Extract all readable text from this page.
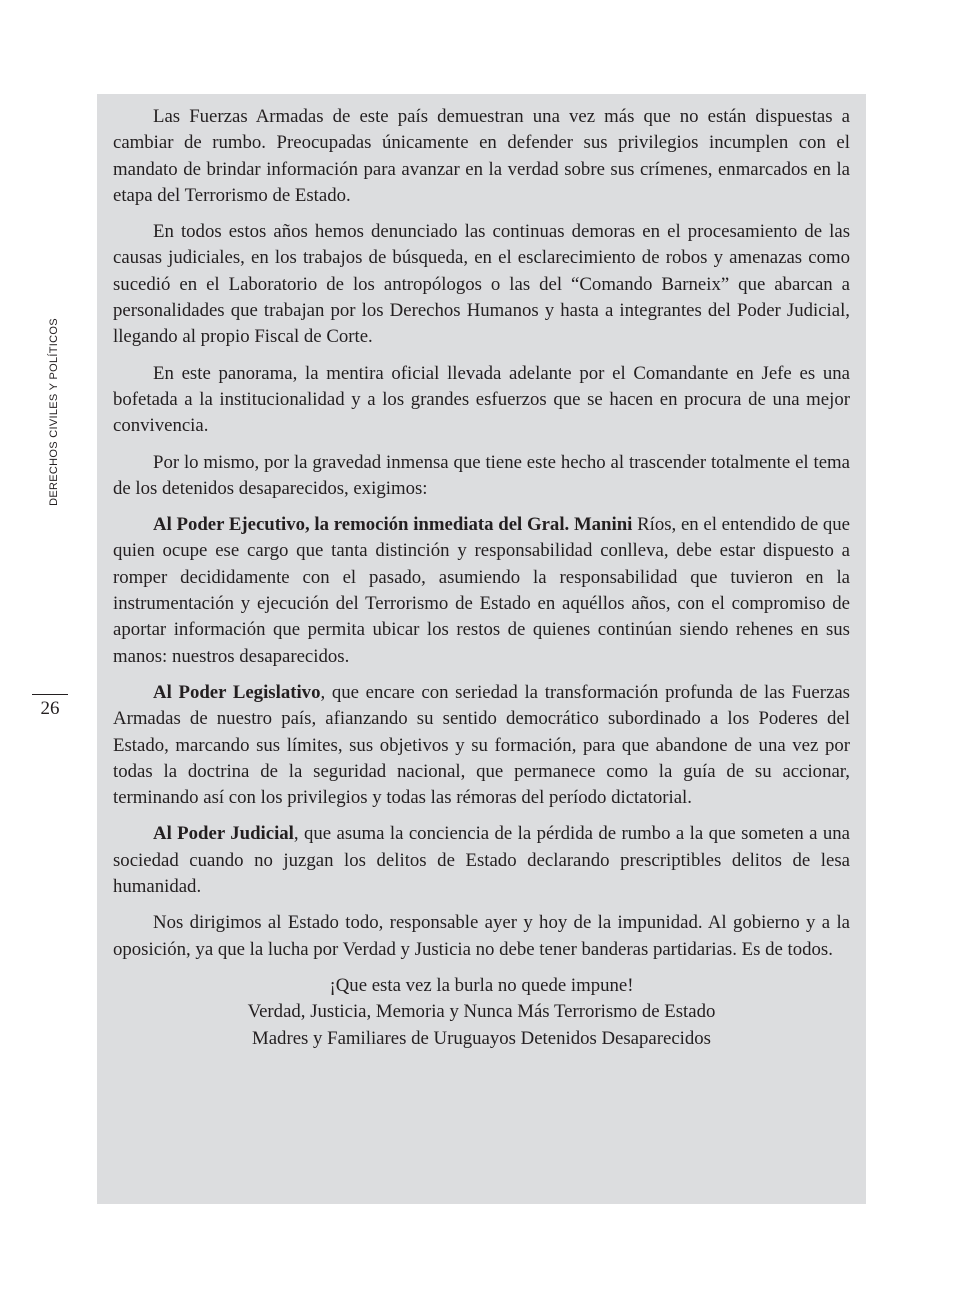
DERECHOS CIVILES Y POLÍTICOS
26

Las Fuerzas Armadas de este país demuestran una vez más que no están dispuestas a cambiar de rumbo. Preocupadas únicamente en defender sus privilegios incumplen con el mandato de brindar información para avanzar en la verdad sobre sus crímenes, enmarcados en la etapa del Terrorismo de Estado.

En todos estos años hemos denunciado las continuas demoras en el procesamiento de las causas judiciales, en los trabajos de búsqueda, en el esclarecimiento de robos y amenazas como sucedió en el Laboratorio de los antropólogos o las del “Comando Barneix” que abarcan a personalidades que trabajan por los Derechos Humanos y hasta a integrantes del Poder Judicial, llegando al propio Fiscal de Corte.

En este panorama, la mentira oficial llevada adelante por el Comandante en Jefe es una bofetada a la institucionalidad y a los grandes esfuerzos que se hacen en procura de una mejor convivencia.

Por lo mismo, por la gravedad inmensa que tiene este hecho al trascender totalmente el tema de los detenidos desaparecidos, exigimos:

Al Poder Ejecutivo, la remoción inmediata del Gral. Manini Ríos, en el entendido de que quien ocupe ese cargo que tanta distinción y responsabilidad conlleva, debe estar dispuesto a romper decididamente con el pasado, asumiendo la responsabilidad que tuvieron en la instrumentación y ejecución del Terrorismo de Estado en aquéllos años, con el compromiso de aportar información que permita ubicar los restos de quienes continúan siendo rehenes en sus manos: nuestros desaparecidos.

Al Poder Legislativo, que encare con seriedad la transformación profunda de las Fuerzas Armadas de nuestro país, afianzando su sentido democrático subordinado a los Poderes del Estado, marcando sus límites, sus objetivos y su formación, para que abandone de una vez por todas la doctrina de la seguridad nacional, que permanece como la guía de su accionar, terminando así con los privilegios y todas las rémoras del período dictatorial.

Al Poder Judicial, que asuma la conciencia de la pérdida de rumbo a la que someten a una sociedad cuando no juzgan los delitos de Estado declarando prescriptibles delitos de lesa humanidad.

Nos dirigimos al Estado todo, responsable ayer y hoy de la impunidad. Al gobierno y a la oposición, ya que la lucha por Verdad y Justicia no debe tener banderas partidarias. Es de todos.

¡Que esta vez la burla no quede impune!
Verdad, Justicia, Memoria y Nunca Más Terrorismo de Estado
Madres y Familiares de Uruguayos Detenidos Desaparecidos
